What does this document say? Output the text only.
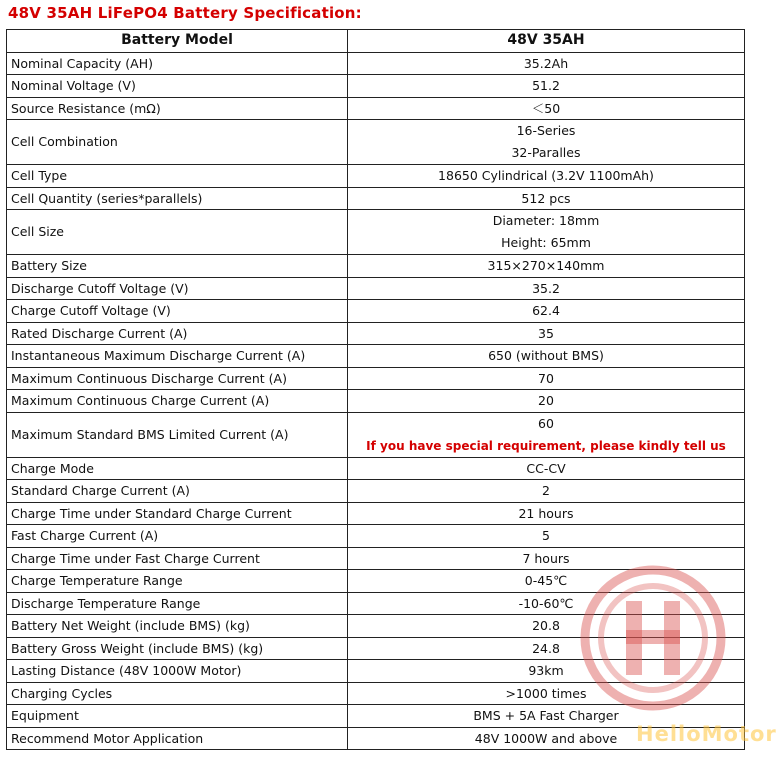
48V 35AH LiFePO4 Battery Specification:
Battery Model	48V 35AH
Nominal Capacity (AH)	35.2Ah
Nominal Voltage (V)	51.2
Source Resistance (mΩ)	＜50
Cell Combination	16-Series
32-Paralles

Cell Type	18650 Cylindrical (3.2V 1100mAh)
Cell Quantity (series*parallels)	512 pcs
Cell Size	Diameter: 18mm
Height: 65mm

Battery Size	315×270×140mm
Discharge Cutoff Voltage (V)	35.2
Charge Cutoff Voltage (V)	62.4
Rated Discharge Current (A)	35
Instantaneous Maximum Discharge Current (A)	650 (without BMS)
Maximum Continuous Discharge Current (A)	70
Maximum Continuous Charge Current (A)	20
Maximum Standard BMS Limited Current (A)	60
If you have special requirement, please kindly tell us

Charge Mode	CC-CV
Standard Charge Current (A)	2
Charge Time under Standard Charge Current	21 hours
Fast Charge Current (A)	5
Charge Time under Fast Charge Current	7 hours
Charge Temperature Range	0-45℃
Discharge Temperature Range	-10-60℃
Battery Net Weight (include BMS) (kg)	20.8
Battery Gross Weight (include BMS) (kg)	24.8
Lasting Distance (48V 1000W Motor)	93km
Charging Cycles	>1000 times
Equipment	BMS + 5A Fast Charger
Recommend Motor Application	48V 1000W and above HelloMotor
